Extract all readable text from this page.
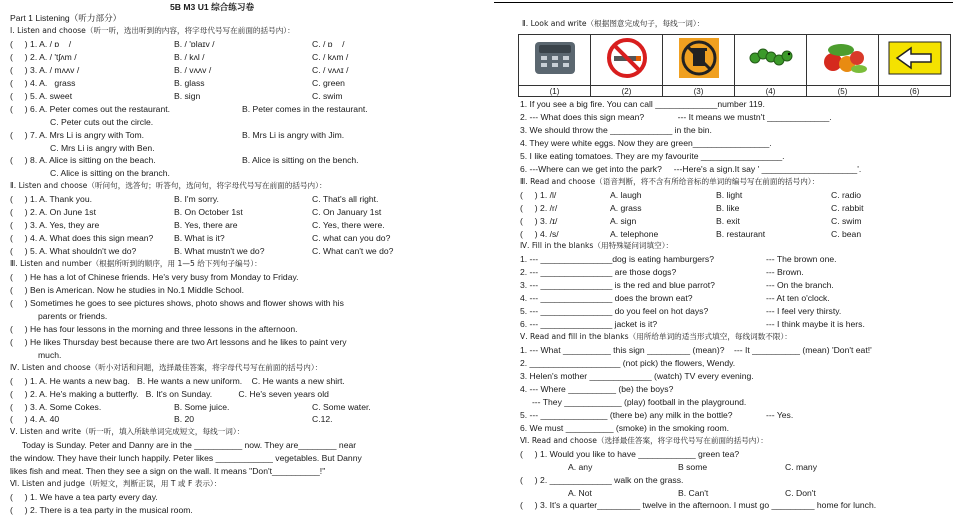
5B M3 U1 综合练习卷
Part 1 Listening（听力部分）
Ⅰ. Listen and choose（听一听，选出听到的内容，将字母代号写在前面的括号内）：
(     ) 1. A. / ɒ    /	B. / 'ɒlaɪv /	C. / ɒ    /
(     ) 2. A. / 'tʃʌm /	B. / kʌl /	C. / kʌm /
(     ) 3. A. / mʌʌv /	B. / vʌʌv /	C. / vʌʌɪ /
(     ) 4. A.   grass	B. glass	C. green
(     ) 5. A. sweet	B. sign	C. swim
(     ) 6. A. Peter comes out the restaurant.	B. Peter comes in the restaurant.
C. Peter cuts out the circle.
(     ) 7. A. Mrs Li is angry with Tom.	B. Mrs Li is angry with Jim.
C. Mrs Li is angry with Ben.
(     ) 8. A. Alice is sitting on the beach.	B. Alice is sitting on the bench.
C. Alice is sitting on the branch.
Ⅱ. Listen and choose（听问句，选答句；听答句，选问句，将字母代号写在前面的括号内）：
(     ) 1. A. Thank you.	B. I'm sorry.	C. That's all right.
(     ) 2. A. On June 1st	B. On October 1st	C. On January 1st
(     ) 3. A. Yes, they are	B. Yes, there are	C. Yes, there were.
(     ) 4. A. What does this sign mean? B. What is it?	C. what can you do?
(     ) 5. A. What shouldn't we do?	B. What mustn't we do?	C. What can't we do?
Ⅲ. Listen and number（根据所听到的顺序，用 1—5 给下列句子编号）：
(     ) He has a lot of Chinese friends. He's very busy from Monday to Friday.
(     ) Ben is American. Now he studies in No.1 Middle School.
(     ) Sometimes he goes to see pictures shows, photo shows and flower shows with his
parents or friends.
(     ) He has four lessons in the morning and three lessons in the afternoon.
(     ) He likes Thursday best because there are two Art lessons and he likes to paint very
much.
Ⅳ. Listen and choose（听小对话和问题，选择最佳答案，将字母代号写在前面的括号内）：
(     ) 1. A. He wants a new bag.   B. He wants a new uniform.    C. He wants a new shirt.
(     ) 2. A. He's making a butterfly.   B. It's on Sunday.           C. He's seven years old
(     ) 3. A. Some Cokes.	B. Some juice.	C. Some water.
(     ) 4. A. 40	B. 20	C.12.
Ⅴ. Listen and write（听一听，填入所缺单词完成短文，每线一词）：
Today is Sunday. Peter and Danny are in the __________ now. They are________ near
the window. They have their lunch happily. Peter likes ____________ vegetables. But Danny
likes fish and meat. Then they see a sign on the wall. It means "Don't__________!"
Ⅵ. Listen and judge（听短文，判断正误，用 T 或 F 表示）：
(     ) 1. We have a tea party every day.
(     ) 2. There is a tea party in the musical room.
Ⅱ. Look and write（根据图意完成句子，每线一词）：

(1)	(2)	(3)	(4)	(5)	(6)
1. If you see a big fire. You can call _____________number 119.
2. --- What does this sign mean?              --- It means we mustn't _____________.
3. We should throw the _____________ in the bin.
4. They were white eggs. Now they are green________________.
5. I like eating tomatoes. They are my favourite _________________.
6. ---Where can we get into the park?     ---Here's a sign.It say ' ____________________'.
Ⅲ. Read and choose（语音判断，将不含有所给音标的单词的编号写在前面的括号内）：
(     ) 1. /l/	A. laugh	B. light	C. radio
(     ) 2. /r/	A. grass	B. like	C. rabbit
(     ) 3. /ɪ/	A. sign	B. exit	C. swim
(     ) 4. /s/	A. telephone	B. restaurant	C. bean
Ⅳ. Fill in the blanks（用特殊疑问词填空）：
1. --- _______________dog is eating hamburgers?	--- The brown one.
2. --- _______________ are those dogs?	--- Brown.
3. --- _______________ is the red and blue parrot?	--- On the branch.
4. --- _______________ does the brown eat?	--- At ten o'clock.
5. --- _______________ do you feel on hot days?	--- I feel very thirsty.
6. --- _______________ jacket is it?	--- I think maybe it is hers.
Ⅴ. Read and fill in the blanks（用所给单词的适当形式填空，每线词数不限）：
1. --- What __________ this sign _________ (mean)?    --- It __________ (mean) 'Don't eat!'
2. ___________________ (not pick) the flowers, Wendy.
3. Helen's mother _____________ (watch) TV every evening.
4. --- Where __________ (be) the boys?
--- They ____________ (play) football in the playground.
5. --- ______________ (there be) any milk in the bottle?              --- Yes.
6. We must __________ (smoke) in the smoking room.
Ⅵ. Read and choose（选择最佳答案，将字母代号写在前面的括号内）：
(     ) 1. Would you like to have ____________ green tea?
A. any	B some	C. many
(     ) 2. _____________ walk on the grass.
A. Not	B. Can't	C. Don't
(     ) 3. It's a quarter_________ twelve in the afternoon. I must go _________ home for lunch.
